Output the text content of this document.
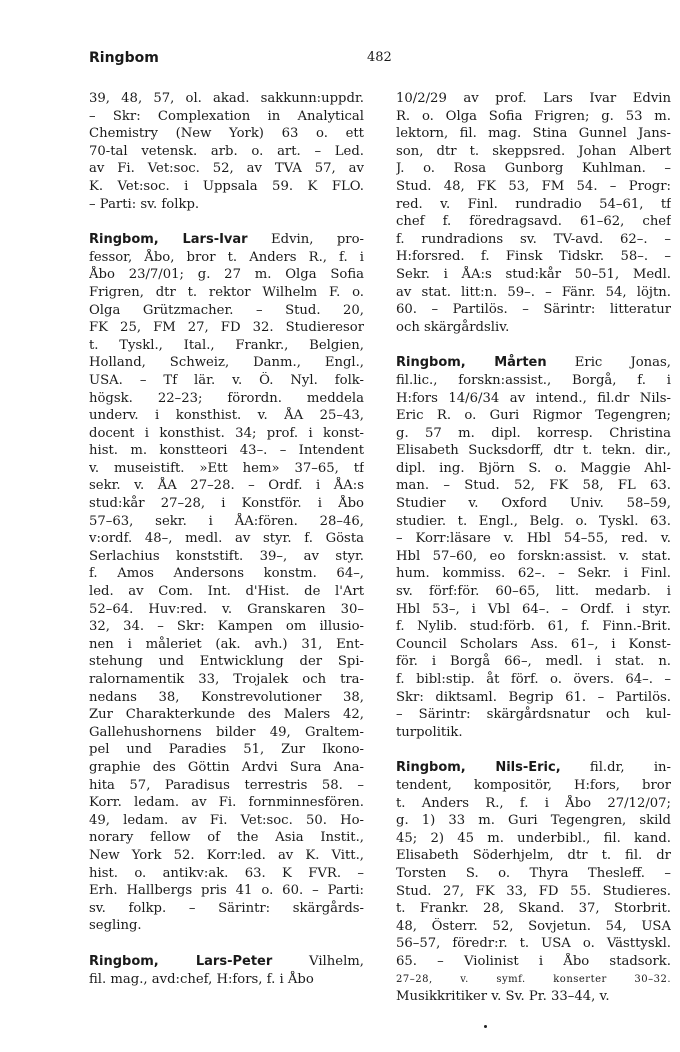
Ringbom	482

39, 48, 57, ol. akad. sakkunn:uppdr.
– Skr: Complexation in Analytical
Chemistry (New York) 63 o. ett
70-tal vetensk. arb. o. art. – Led.
av Fi. Vet:soc. 52, av TVA 57, av
K. Vet:soc. i Uppsala 59. K FLO.
– Parti: sv. folkp.
Ringbom, Lars-Ivar Edvin, pro-
fessor, Åbo, bror t. Anders R., f. i
Åbo 23/7/01; g. 27 m. Olga Sofia
Frigren, dtr t. rektor Wilhelm F. o.
Olga Grützmacher. – Stud. 20,
FK 25, FM 27, FD 32. Studieresor
t. Tyskl., Ital., Frankr., Belgien,
Holland, Schweiz, Danm., Engl.,
USA. – Tf lär. v. Ö. Nyl. folk-
högsk. 22–23; förordn. meddela
underv. i konsthist. v. ÅA 25–43,
docent i konsthist. 34; prof. i konst-
hist. m. konstteori 43–. – Intendent
v. museistift. »Ett hem» 37–65, tf
sekr. v. ÅA 27–28. – Ordf. i ÅA:s
stud:kår 27–28, i Konstför. i Åbo
57–63, sekr. i ÅA:fören. 28–46,
v:ordf. 48–, medl. av styr. f. Gösta
Serlachius konststift. 39–, av styr.
f. Amos Andersons konstm. 64–,
led. av Com. Int. d'Hist. de l'Art
52–64. Huv:red. v. Granskaren 30–
32, 34. – Skr: Kampen om illusio-
nen i måleriet (ak. avh.) 31, Ent-
stehung und Entwicklung der Spi-
ralornamentik 33, Trojalek och tra-
nedans 38, Konstrevolutioner 38,
Zur Charakterkunde des Malers 42,
Gallehushornens bilder 49, Graltem-
pel und Paradies 51, Zur Ikono-
graphie des Göttin Ardvi Sura Ana-
hita 57, Paradisus terrestris 58. –
Korr. ledam. av Fi. fornminnesfören.
49, ledam. av Fi. Vet:soc. 50. Ho-
norary fellow of the Asia Instit.,
New York 52. Korr:led. av K. Vitt.,
hist. o. antikv:ak. 63. K FVR. –
Erh. Hallbergs pris 41 o. 60. – Parti:
sv. folkp. – Särintr: skärgårds-
segling.
Ringbom, Lars-Peter Vilhelm,
fil. mag., avd:chef, H:fors, f. i Åbo
10/2/29 av prof. Lars Ivar Edvin
R. o. Olga Sofia Frigren; g. 53 m.
lektorn, fil. mag. Stina Gunnel Jans-
son, dtr t. skeppsred. Johan Albert
J. o. Rosa Gunborg Kuhlman. –
Stud. 48, FK 53, FM 54. – Progr:
red. v. Finl. rundradio 54–61, tf
chef f. föredragsavd. 61–62, chef
f. rundradions sv. TV-avd. 62–. –
H:forsred. f. Finsk Tidskr. 58–. –
Sekr. i ÅA:s stud:kår 50–51, Medl.
av stat. litt:n. 59–. – Fänr. 54, löjtn.
60. – Partilös. – Särintr: litteratur
och skärgårdsliv.
Ringbom, Mårten Eric Jonas,
fil.lic., forskn:assist., Borgå, f. i
H:fors 14/6/34 av intend., fil.dr Nils-
Eric R. o. Guri Rigmor Tegengren;
g. 57 m. dipl. korresp. Christina
Elisabeth Sucksdorff, dtr t. tekn. dir.,
dipl. ing. Björn S. o. Maggie Ahl-
man. – Stud. 52, FK 58, FL 63.
Studier v. Oxford Univ. 58–59,
studier. t. Engl., Belg. o. Tyskl. 63.
– Korr:läsare v. Hbl 54–55, red. v.
Hbl 57–60, eo forskn:assist. v. stat.
hum. kommiss. 62–. – Sekr. i Finl.
sv. förf:för. 60–65, litt. medarb. i
Hbl 53–, i Vbl 64–. – Ordf. i styr.
f. Nylib. stud:förb. 61, f. Finn.-Brit.
Council Scholars Ass. 61–, i Konst-
för. i Borgå 66–, medl. i stat. n.
f. bibl:stip. åt förf. o. övers. 64–. –
Skr: diktsaml. Begrip 61. – Partilös.
– Särintr: skärgårdsnatur och kul-
turpolitik.
Ringbom, Nils-Eric, fil.dr, in-
tendent, kompositör, H:fors, bror
t. Anders R., f. i Åbo 27/12/07;
g. 1) 33 m. Guri Tegengren, skild
45; 2) 45 m. underbibl., fil. kand.
Elisabeth Söderhjelm, dtr t. fil. dr
Torsten S. o. Thyra Thesleff. –
Stud. 27, FK 33, FD 55. Studieres.
t. Frankr. 28, Skand. 37, Storbrit.
48, Österr. 52, Sovjetun. 54, USA
56–57, föredr:r. t. USA o. Västtyskl.
65. – Violinist i Åbo stadsork.
27–28, v. symf. konserter 30–32.
Musikkritiker v. Sv. Pr. 33–44, v.
